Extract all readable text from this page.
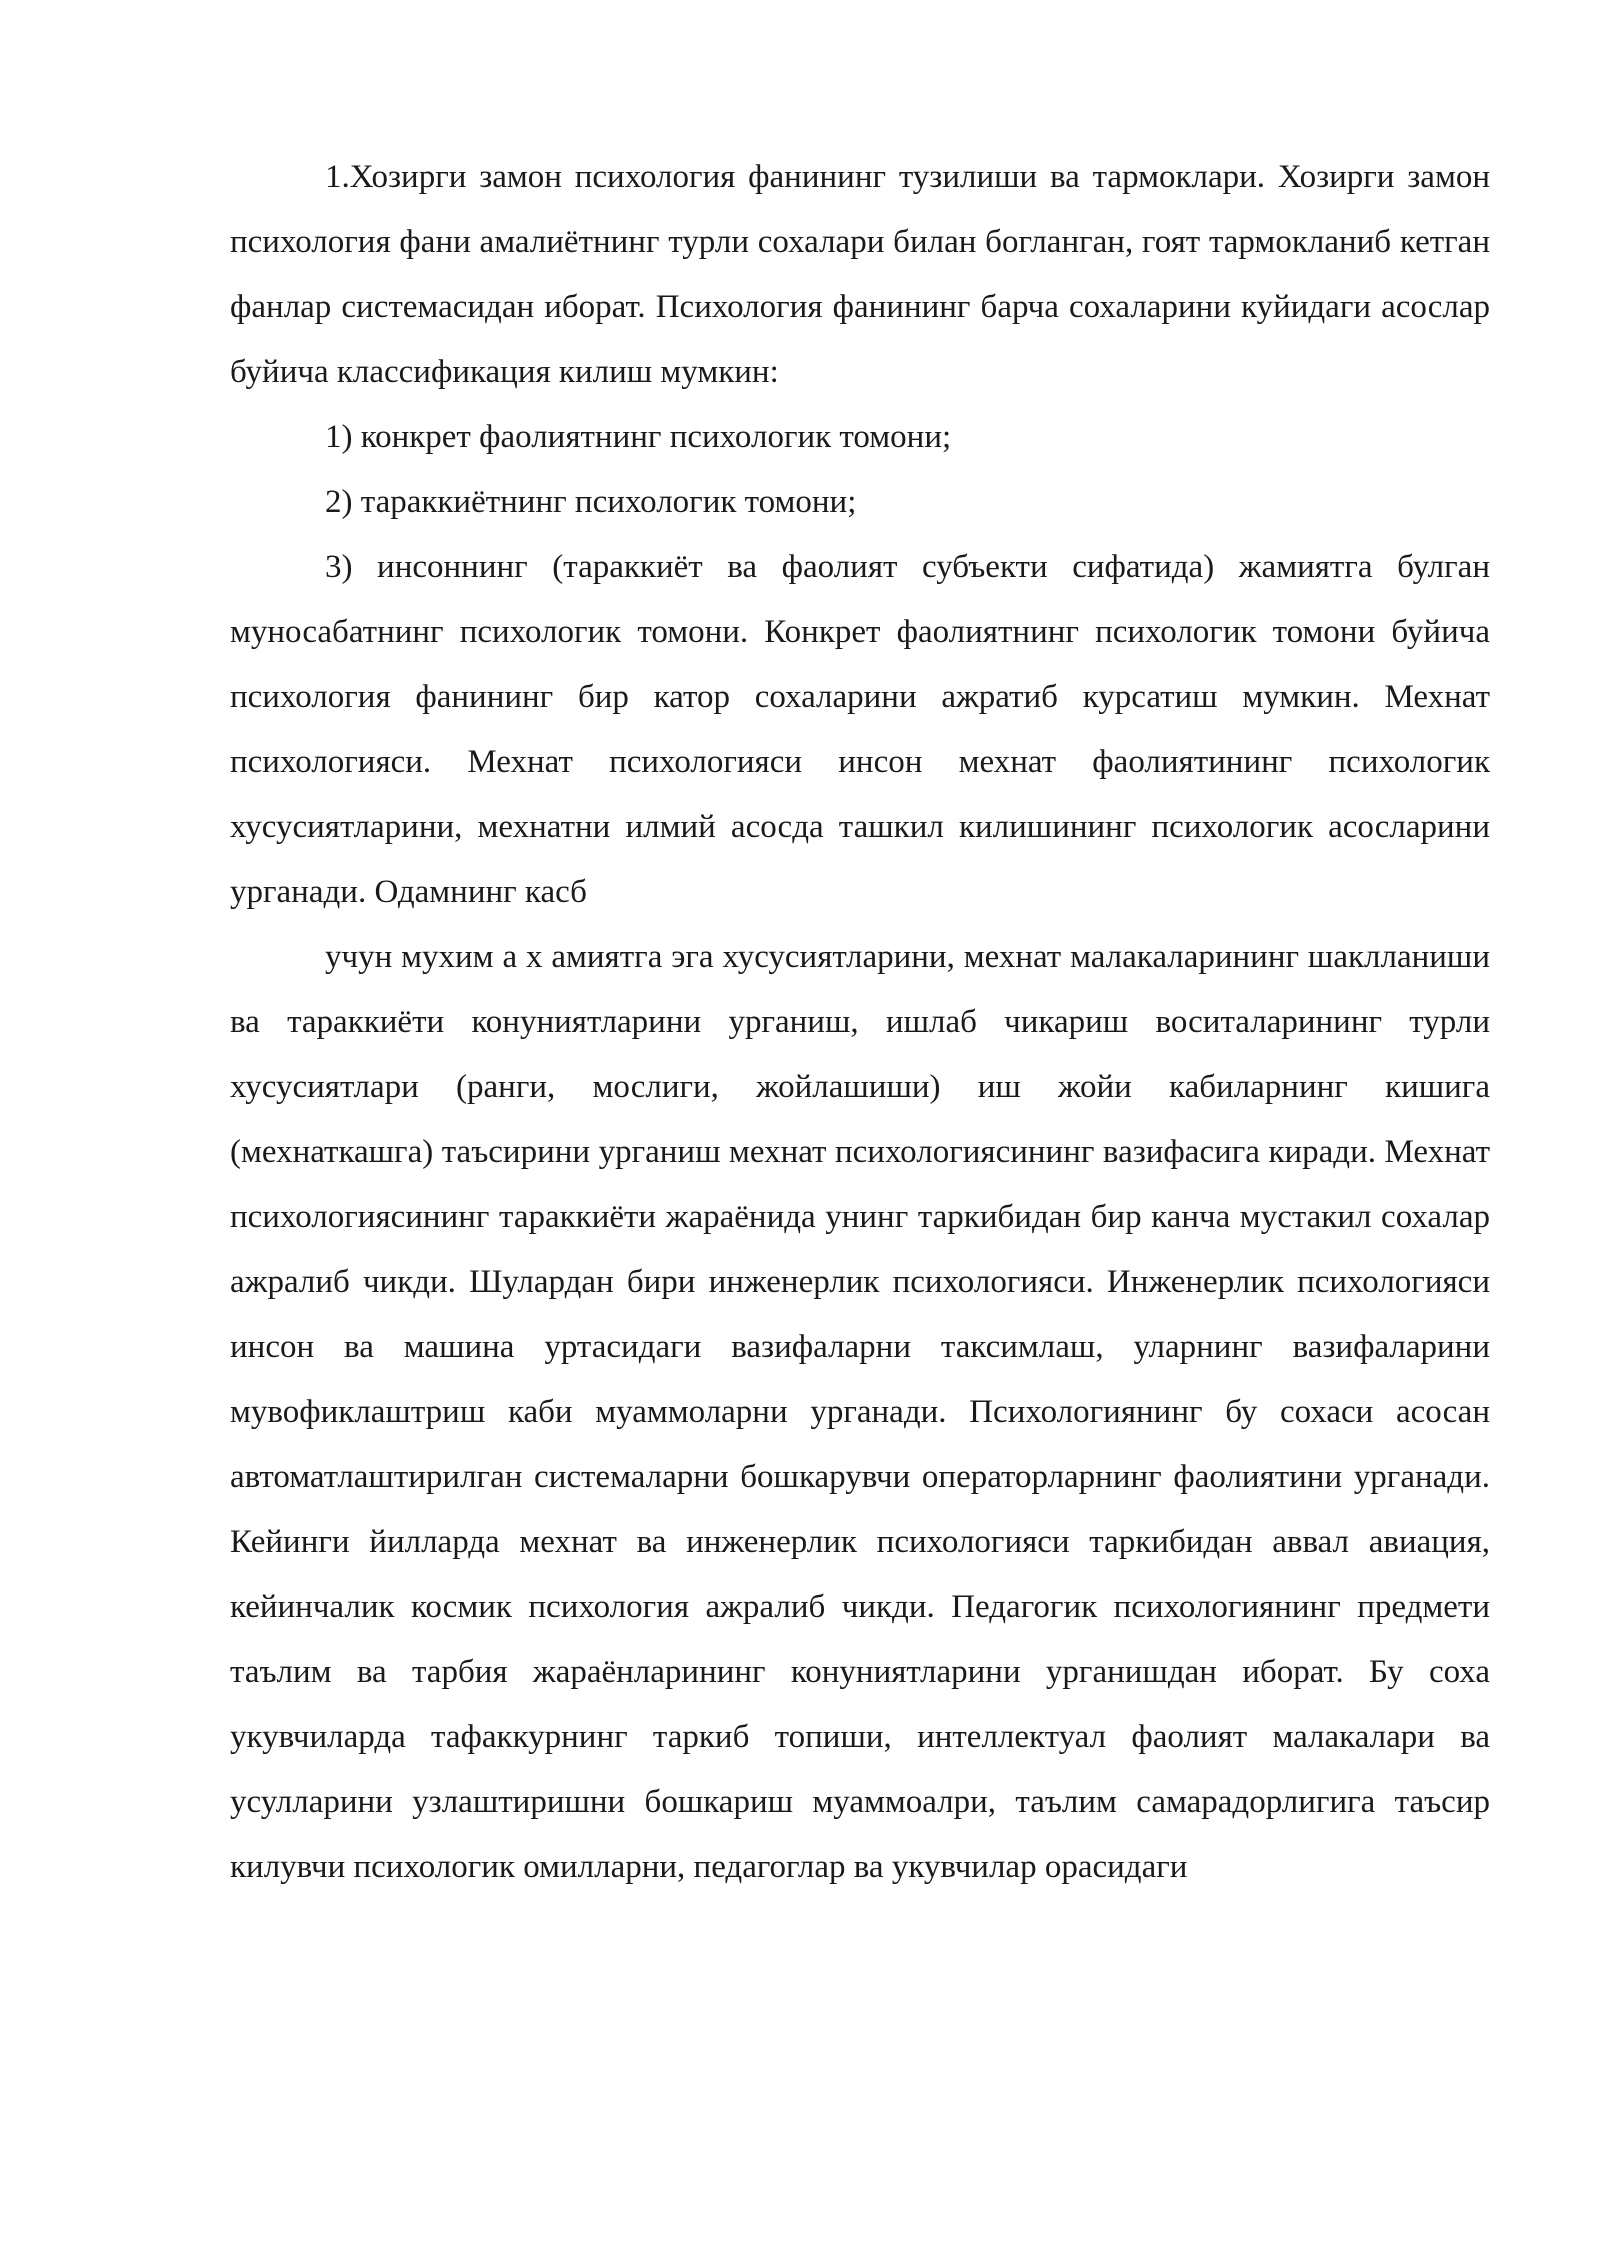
1.Хозирги замон психология фанининг тузилиши ва тармоклари. Хозирги замон психология фани амалиётнинг турли сохалари билан богланган, гоят тармокланиб кетган фанлар системасидан иборат. Психология фанининг барча сохаларини куйидаги асослар буйича классификация килиш мумкин:

1) конкрет фаолиятнинг психологик томони;

2) тараккиётнинг психологик томони;

3) инсоннинг (тараккиёт ва фаолият субъекти сифатида) жамиятга булган муносабатнинг психологик томони. Конкрет фаолиятнинг психологик томони буйича психология фанининг бир катор сохаларини ажратиб курсатиш мумкин. Мехнат психологияси. Мехнат психологияси инсон мехнат фаолиятининг психологик хусусиятларини, мехнатни илмий асосда ташкил килишининг психологик асосларини урганади. Одамнинг касб

учун мухим а х амиятга эга хусусиятларини, мехнат малакаларининг шаклланиши ва тараккиёти конуниятларини урганиш, ишлаб чикариш воситаларининг турли хусусиятлари (ранги, мослиги, жойлашиши) иш жойи кабиларнинг кишига (мехнаткашга) таъсирини урганиш мехнат психологиясининг вазифасига киради. Мехнат психологиясининг тараккиёти жараёнида унинг таркибидан бир канча мустакил сохалар ажралиб чикди. Шулардан бири инженерлик психологияси. Инженерлик психологияси инсон ва машина уртасидаги вазифаларни таксимлаш, уларнинг вазифаларини мувофиклаштриш каби муаммоларни урганади. Психологиянинг бу сохаси асосан автоматлаштирилган системаларни бошкарувчи операторларнинг фаолиятини урганади. Кейинги йилларда мехнат ва инженерлик психологияси таркибидан аввал авиация, кейинчалик космик психология ажралиб чикди. Педагогик психологиянинг предмети таълим ва тарбия жараёнларининг конуниятларини урганишдан иборат. Бу соха укувчиларда тафаккурнинг таркиб топиши, интеллектуал фаолият малакалари ва усулларини узлаштиришни бошкариш муаммоалри, таълим самарадорлигига таъсир килувчи психологик омилларни, педагоглар ва укувчилар орасидаги
